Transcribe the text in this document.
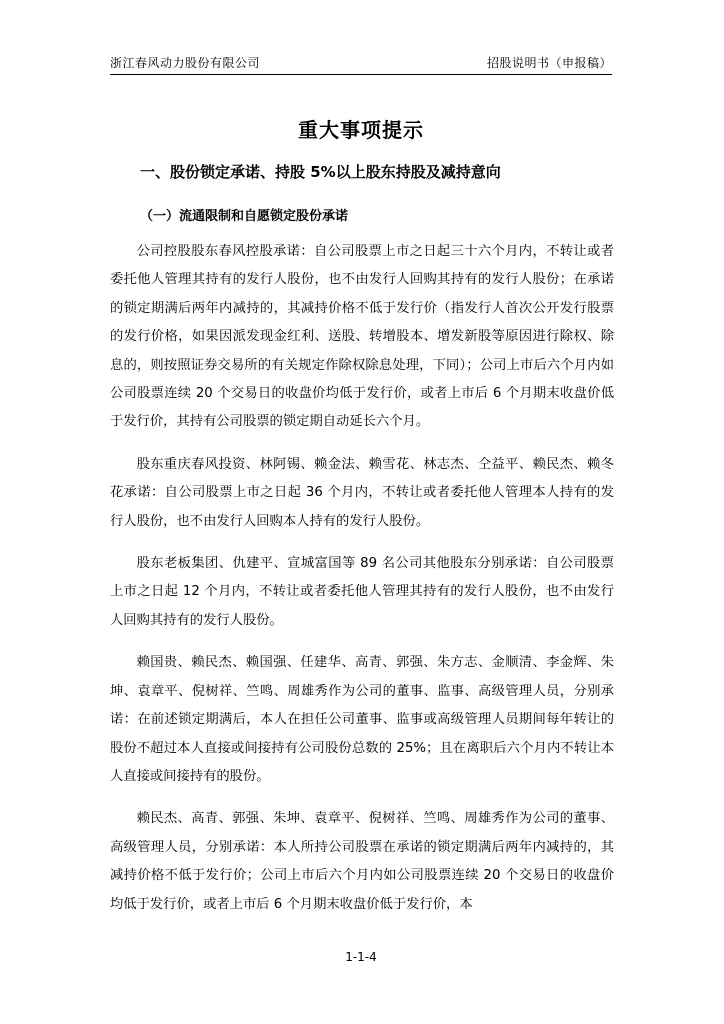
浙江春风动力股份有限公司	招股说明书（申报稿）
重大事项提示
一、股份锁定承诺、持股 5%以上股东持股及减持意向
（一）流通限制和自愿锁定股份承诺

公司控股股东春风控股承诺：自公司股票上市之日起三十六个月内，不转让或者委托他人管理其持有的发行人股份，也不由发行人回购其持有的发行人股份；在承诺的锁定期满后两年内减持的，其减持价格不低于发行价（指发行人首次公开发行股票的发行价格，如果因派发现金红利、送股、转增股本、增发新股等原因进行除权、除息的，则按照证券交易所的有关规定作除权除息处理，下同）；公司上市后六个月内如公司股票连续 20 个交易日的收盘价均低于发行价，或者上市后 6 个月期末收盘价低于发行价，其持有公司股票的锁定期自动延长六个月。

股东重庆春风投资、林阿锡、赖金法、赖雪花、林志杰、仝益平、赖民杰、赖冬花承诺：自公司股票上市之日起 36 个月内，不转让或者委托他人管理本人持有的发行人股份，也不由发行人回购本人持有的发行人股份。

股东老板集团、仇建平、宣城富国等 89 名公司其他股东分别承诺：自公司股票上市之日起 12 个月内，不转让或者委托他人管理其持有的发行人股份，也不由发行人回购其持有的发行人股份。

赖国贵、赖民杰、赖国强、任建华、高青、郭强、朱方志、金顺清、李金辉、朱坤、袁章平、倪树祥、竺鸣、周雄秀作为公司的董事、监事、高级管理人员，分别承诺：在前述锁定期满后，本人在担任公司董事、监事或高级管理人员期间每年转让的股份不超过本人直接或间接持有公司股份总数的 25%；且在离职后六个月内不转让本人直接或间接持有的股份。

赖民杰、高青、郭强、朱坤、袁章平、倪树祥、竺鸣、周雄秀作为公司的董事、高级管理人员，分别承诺：本人所持公司股票在承诺的锁定期满后两年内减持的，其减持价格不低于发行价；公司上市后六个月内如公司股票连续 20 个交易日的收盘价均低于发行价，或者上市后 6 个月期末收盘价低于发行价，本

1-1-4
